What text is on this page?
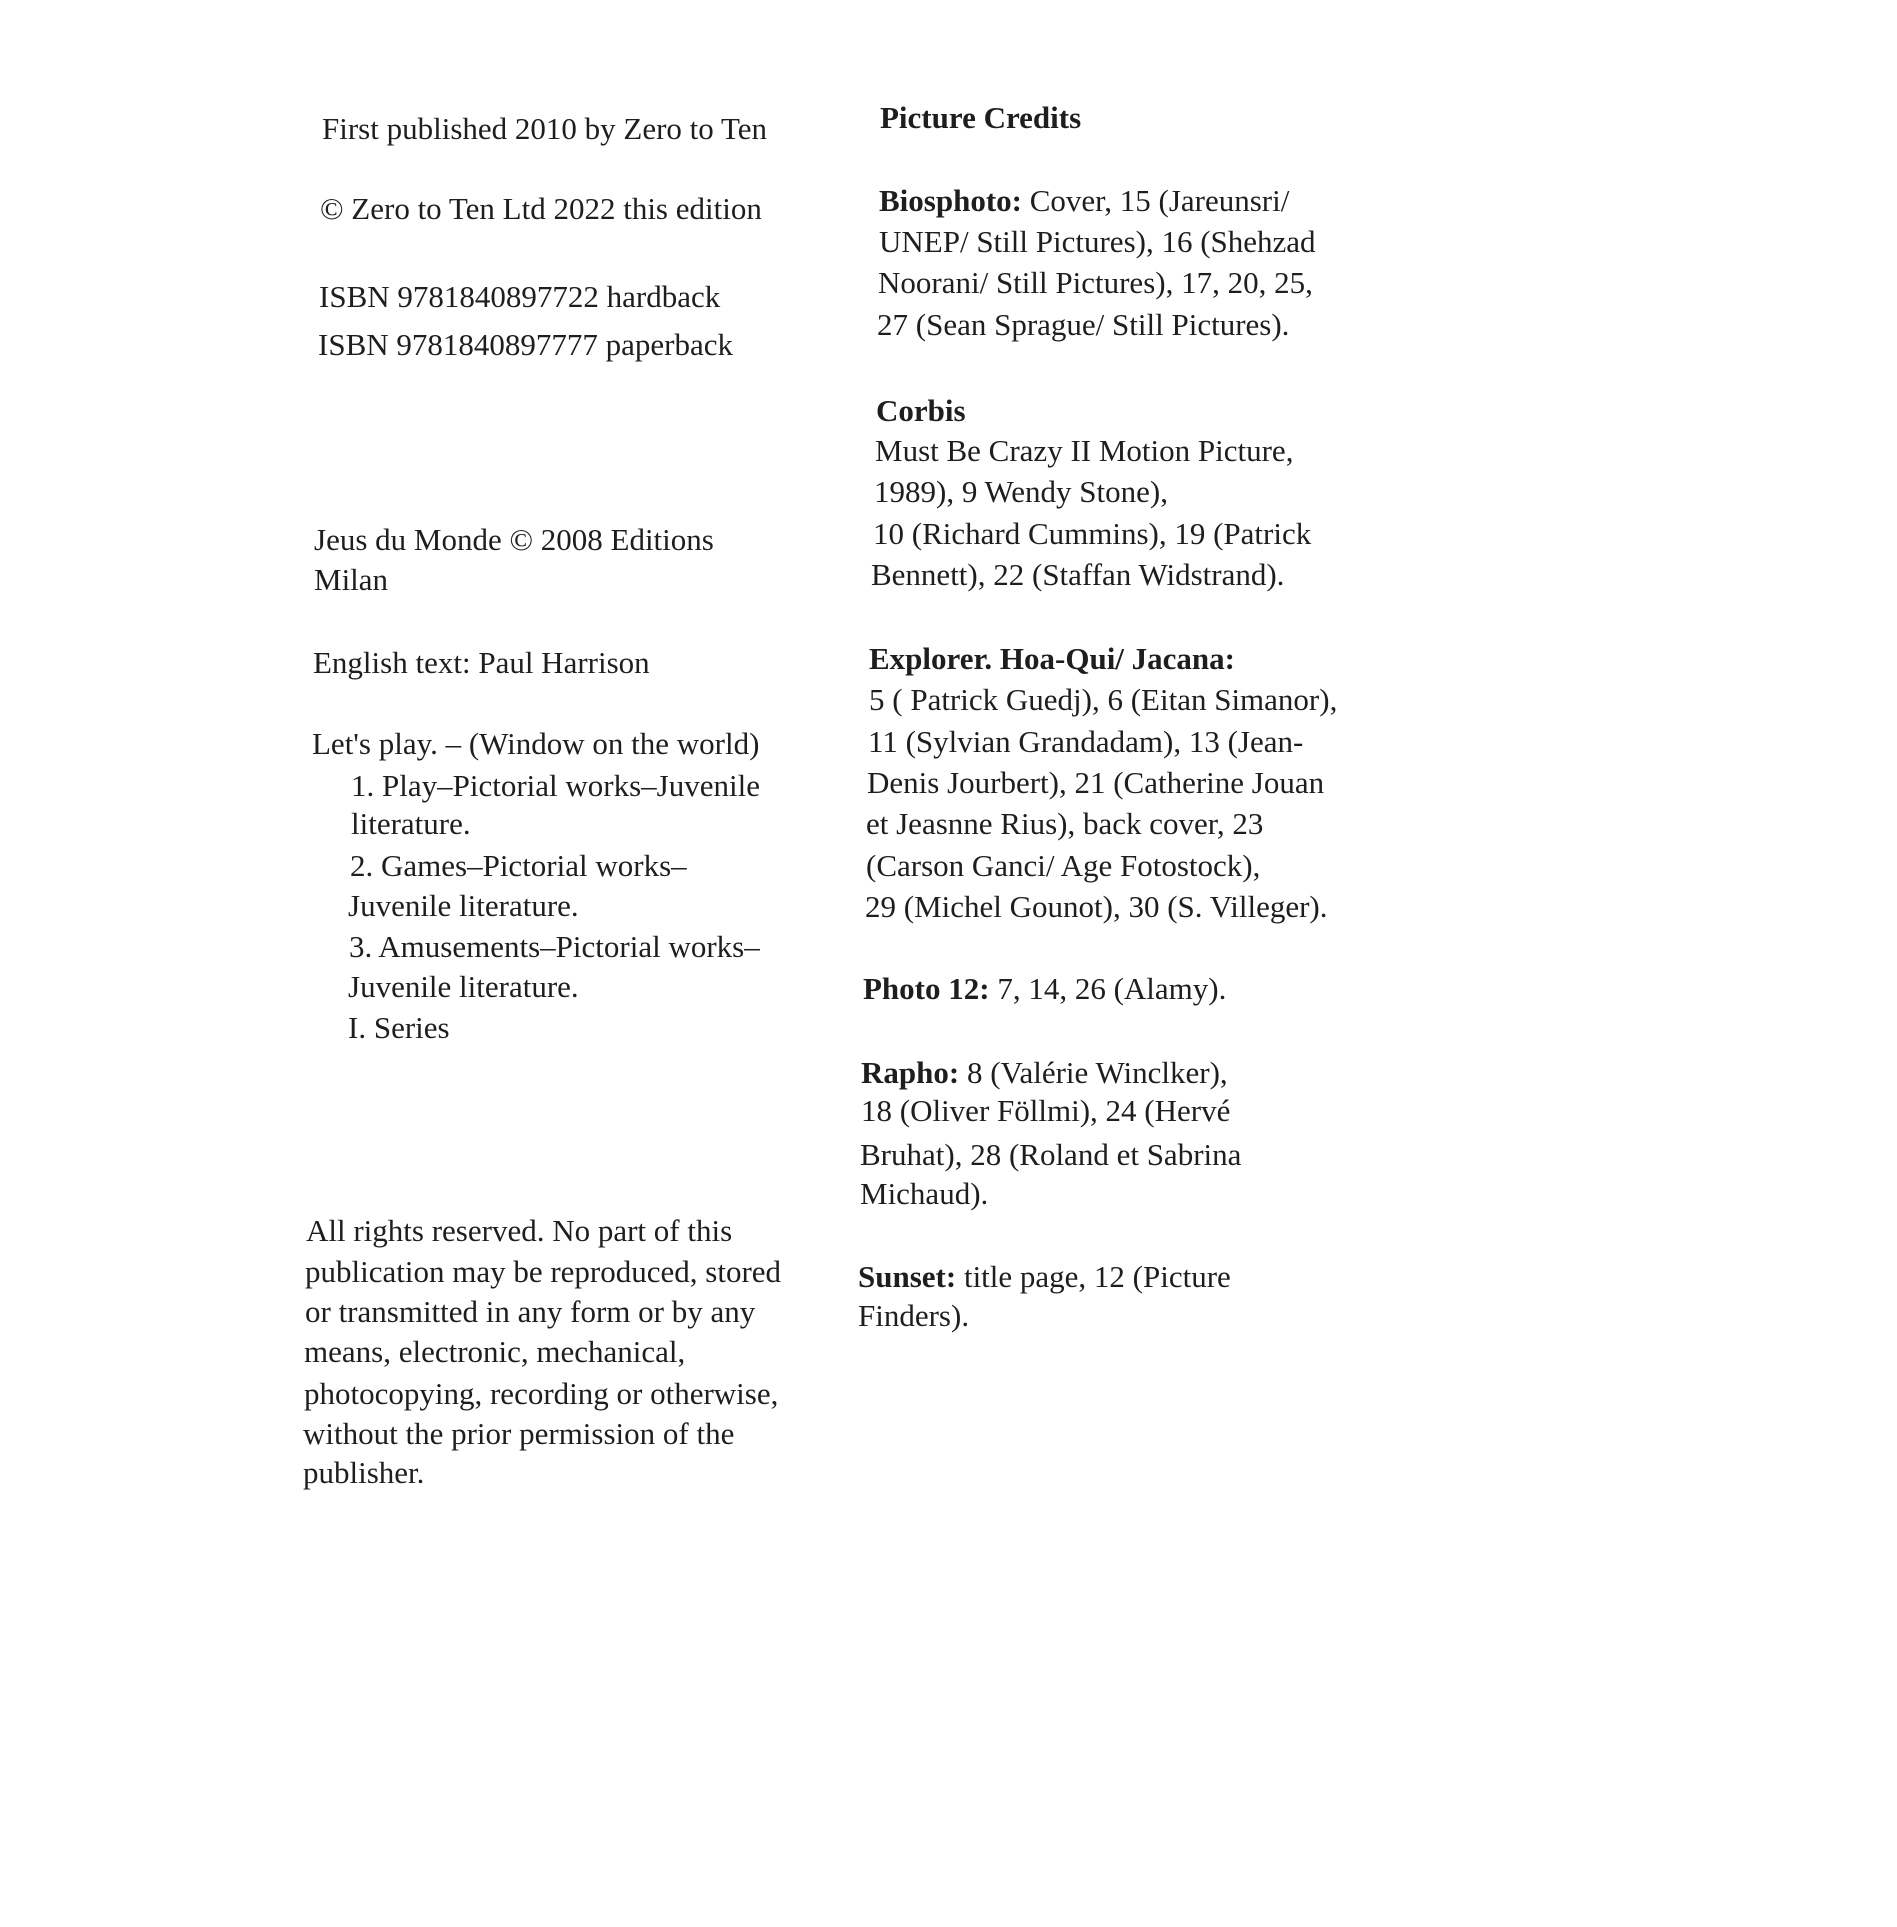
First published 2010 by Zero to Ten
© Zero to Ten Ltd 2022 this edition
ISBN 9781840897722 hardback
ISBN 9781840897777 paperback
Jeus du Monde © 2008 Editions
Milan
English text: Paul Harrison
Let's play. – (Window on the world)
1. Play–Pictorial works–Juvenile
literature.
2. Games–Pictorial works–
Juvenile literature.
3. Amusements–Pictorial works–
Juvenile literature.
I. Series
All rights reserved. No part of this
publication may be reproduced, stored
or transmitted in any form or by any
means, electronic, mechanical,
photocopying, recording or otherwise,
without the prior permission of the
publisher.
Picture Credits
Biosphoto: Cover, 15 (Jareunsri/
UNEP/ Still Pictures), 16 (Shehzad
Noorani/ Still Pictures), 17, 20, 25,
27 (Sean Sprague/ Still Pictures).
Corbis
Must Be Crazy II Motion Picture,
1989), 9 Wendy Stone),
10 (Richard Cummins), 19 (Patrick
Bennett), 22 (Staffan Widstrand).
Explorer. Hoa-Qui/ Jacana:
5 ( Patrick Guedj), 6 (Eitan Simanor),
11 (Sylvian Grandadam), 13 (Jean-
Denis Jourbert), 21 (Catherine Jouan
et Jeasnne Rius), back cover, 23
(Carson Ganci/ Age Fotostock),
29 (Michel Gounot), 30 (S. Villeger).
Photo 12: 7, 14, 26 (Alamy).
Rapho: 8 (Valérie Winclker),
18 (Oliver Föllmi), 24 (Hervé
Bruhat), 28 (Roland et Sabrina
Michaud).
Sunset: title page, 12 (Picture
Finders).
